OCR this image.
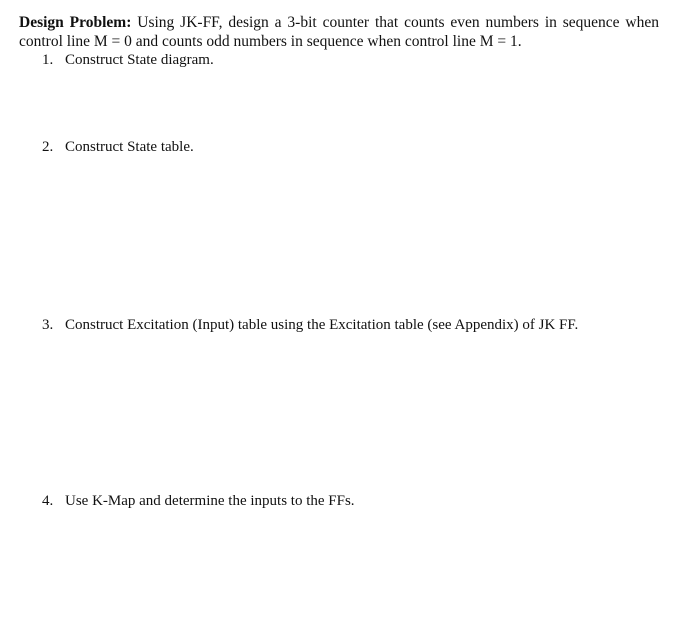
Design Problem: Using JK-FF, design a 3-bit counter that counts even numbers in sequence when control line M = 0 and counts odd numbers in sequence when control line M = 1.
1. Construct State diagram.
2. Construct State table.
3. Construct Excitation (Input) table using the Excitation table (see Appendix) of JK FF.
4. Use K-Map and determine the inputs to the FFs.
